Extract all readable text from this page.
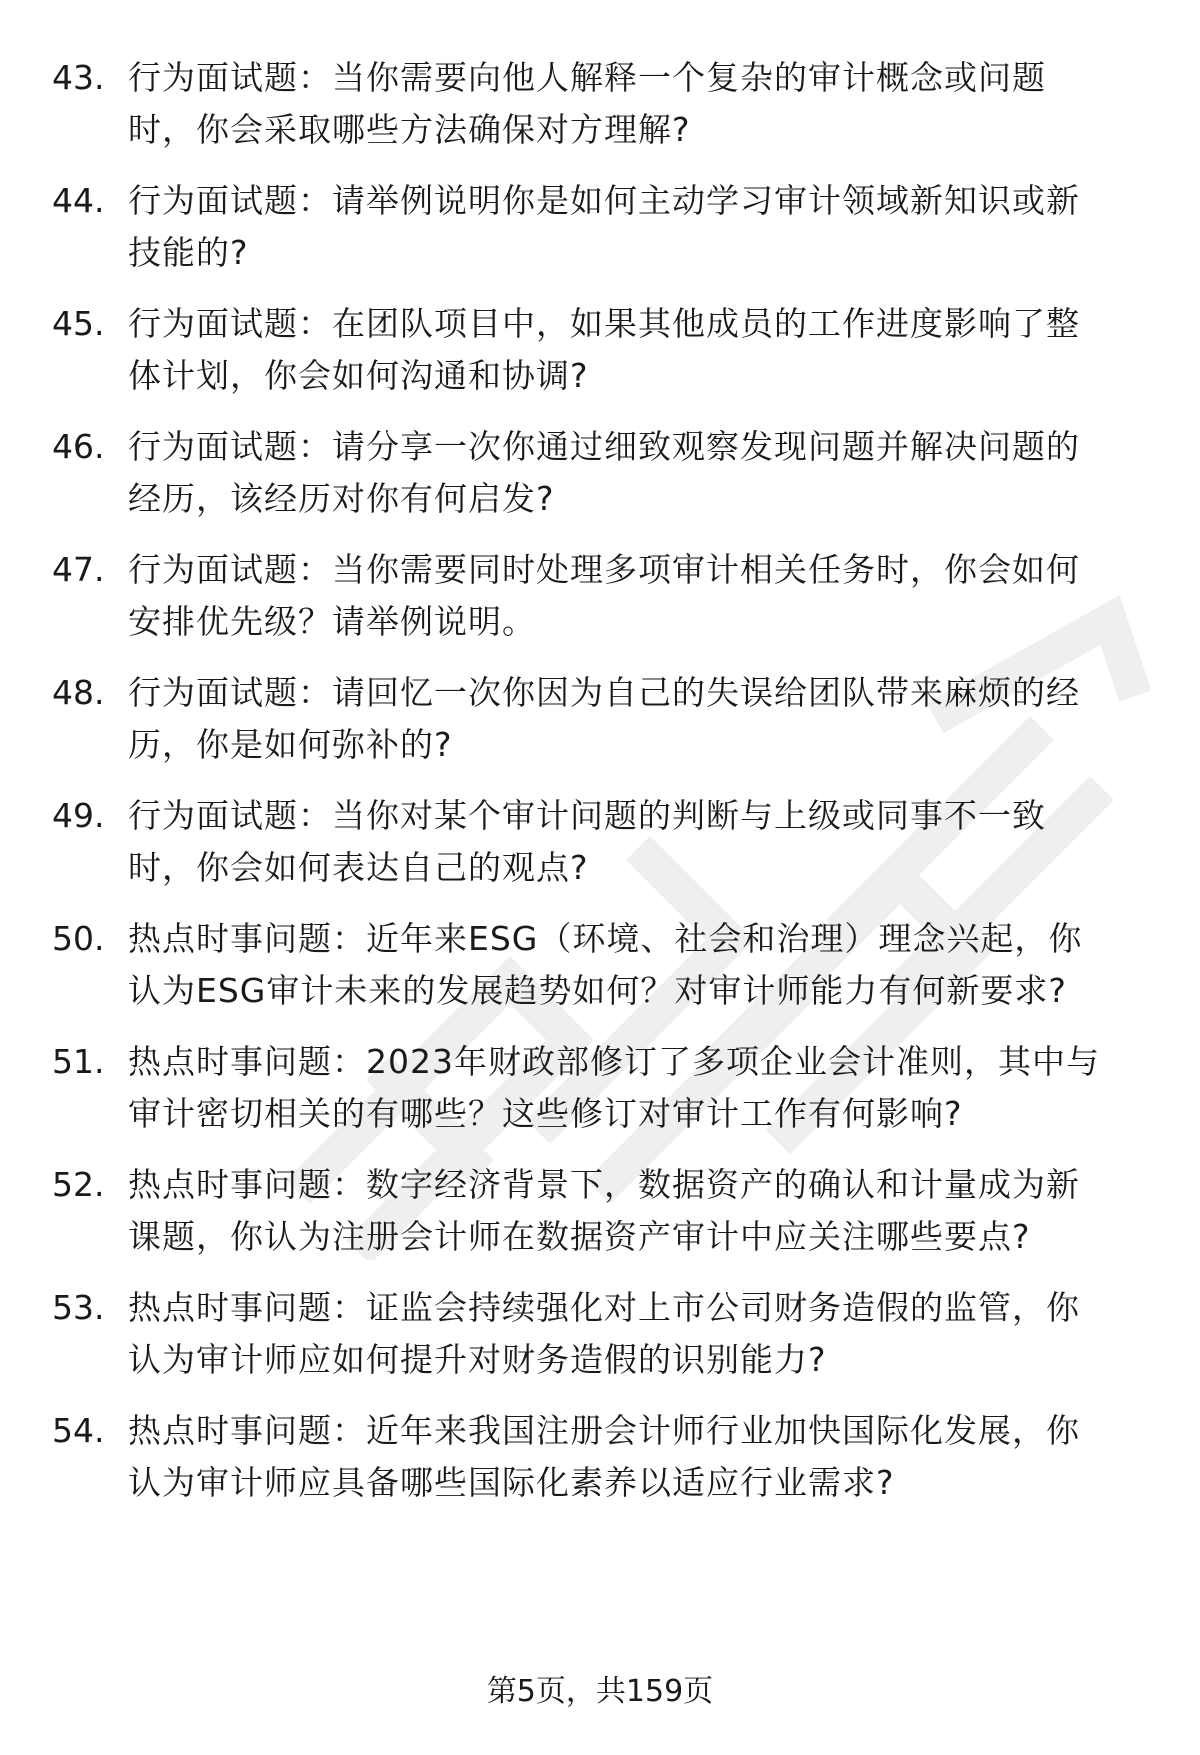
43. 行为面试题：当你需要向他人解释一个复杂的审计概念或问题
时，你会采取哪些方法确保对方理解?
44. 行为面试题：请举例说明你是如何主动学习审计领域新知识或新
技能的?
45. 行为面试题：在团队项目中，如果其他成员的工作进度影响了整
体计划，你会如何沟通和协调?
46. 行为面试题：请分享一次你通过细致观察发现问题并解决问题的
经历，该经历对你有何启发?
47. 行为面试题：当你需要同时处理多项审计相关任务时，你会如何
安排优先级？请举例说明。
48. 行为面试题：请回忆一次你因为自己的失误给团队带来麻烦的经
历，你是如何弥补的?
49. 行为面试题：当你对某个审计问题的判断与上级或同事不一致
时，你会如何表达自己的观点?
50. 热点时事问题：近年来ESG（环境、社会和治理）理念兴起，你
认为ESG审计未来的发展趋势如何？对审计师能力有何新要求?
51. 热点时事问题：2023年财政部修订了多项企业会计准则，其中与
审计密切相关的有哪些？这些修订对审计工作有何影响?
52. 热点时事问题：数字经济背景下，数据资产的确认和计量成为新
课题，你认为注册会计师在数据资产审计中应关注哪些要点?
53. 热点时事问题：证监会持续强化对上市公司财务造假的监管，你
认为审计师应如何提升对财务造假的识别能力?
54. 热点时事问题：近年来我国注册会计师行业加快国际化发展，你
认为审计师应具备哪些国际化素养以适应行业需求?
第5页，共159页
